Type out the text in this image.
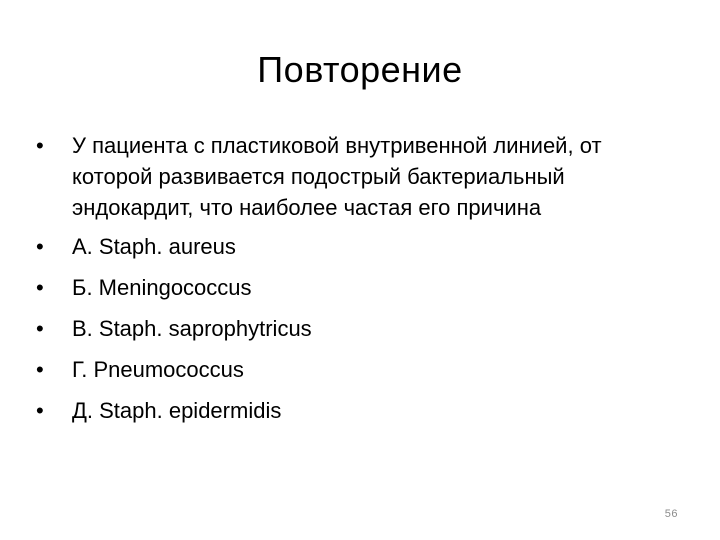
Повторение
•	У пациента с пластиковой внутривенной линией, от которой развивается подострый бактериальный эндокардит, что наиболее частая его причина
•	A. Staph. aureus
•	Б. Meningococcus
•	B. Staph. saprophytricus
•	Г. Pneumococcus
•	Д. Staph. epidermidis
56
